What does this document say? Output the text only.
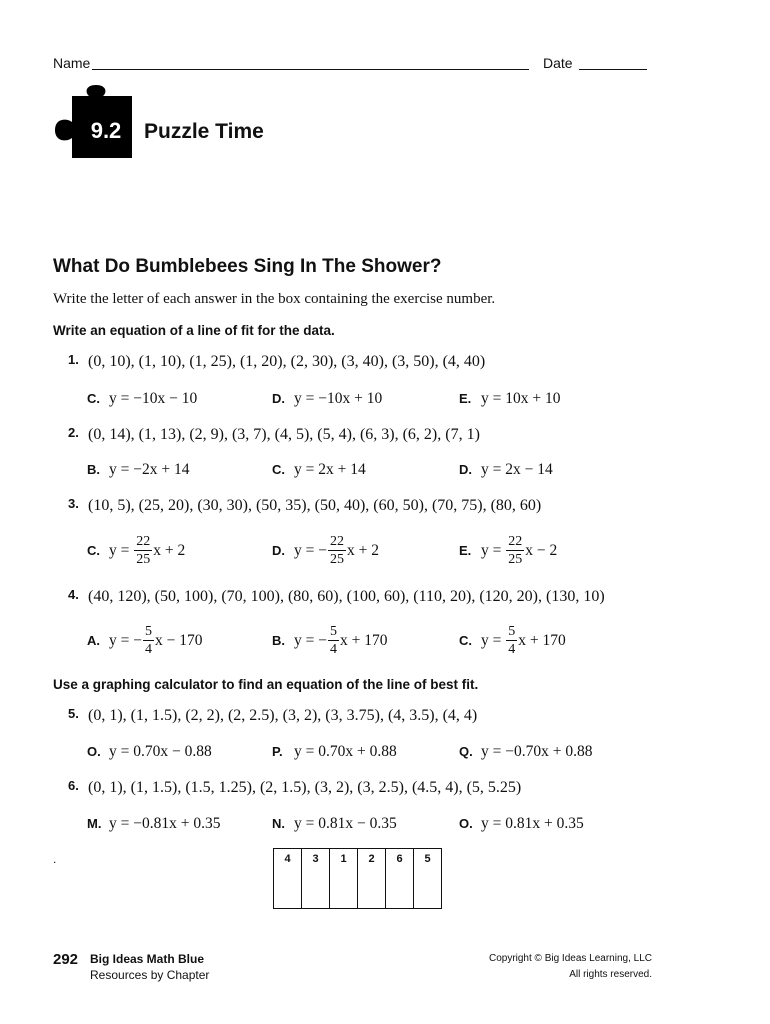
Name	Date
9.2	Puzzle Time
What Do Bumblebees Sing In The Shower?
Write the letter of each answer in the box containing the exercise number.
Write an equation of a line of fit for the data.
1. (0, 10), (1, 10), (1, 25), (1, 20), (2, 30), (3, 40), (3, 50), (4, 40)
C. y = −10x − 10	D. y = −10x + 10	E. y = 10x + 10
2. (0, 14), (1, 13), (2, 9), (3, 7), (4, 5), (5, 4), (6, 3), (6, 2), (7, 1)
B. y = −2x + 14	C. y = 2x + 14	D. y = 2x − 14
3. (10, 5), (25, 20), (30, 30), (50, 35), (50, 40), (60, 50), (70, 75), (80, 60)
C. $y = \frac{22}{25}$ x + 2	D. y = − $\frac{22}{25}$ x + 2	E. $y = \frac{22}{25}$ x − 2
4. (40, 120), (50, 100), (70, 100), (80, 60), (100, 60), (110, 20), (120, 20), (130, 10)
A. y = − $\frac{5}{4}$ x − 170	B. y = − $\frac{5}{4}$ x + 170	C. $y = \frac{5}{4}$ x + 170
Use a graphing calculator to find an equation of the line of best fit.
5. (0, 1), (1, 1.5), (2, 2), (2, 2.5), (3, 2), (3, 3.75), (4, 3.5), (4, 4)
O. y = 0.70x − 0.88	P. y = 0.70x + 0.88	Q. y = −0.70x + 0.88
6. (0, 1), (1, 1.5), (1.5, 1.25), (2, 1.5), (3, 2), (3, 2.5), (4.5, 4), (5, 5.25)
M. y = −0.81x + 0.35	N. y = 0.81x − 0.35	O. y = 0.81x + 0.35
.	4	3	1	2	6	5
292 Big Ideas Math Blue
Resources by Chapter
Copyright © Big Ideas Learning, LLC
All rights reserved.
